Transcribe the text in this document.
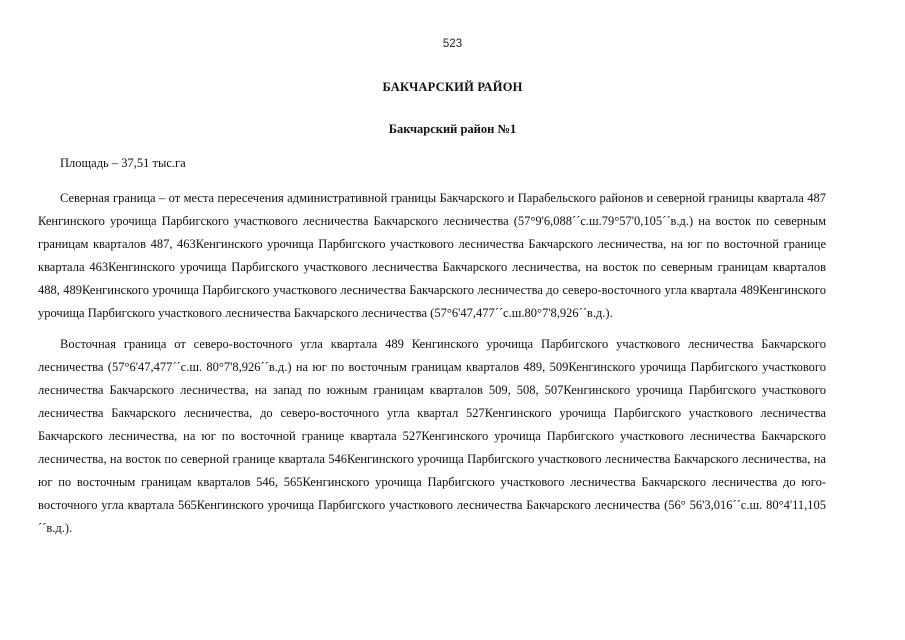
523
БАКЧАРСКИЙ РАЙОН
Бакчарский район №1
Площадь – 37,51 тыс.га
Северная граница – от места пересечения административной границы Бакчарского и Парабельского районов и северной границы квартала 487 Кенгинского урочища Парбигского участкового лесничества Бакчарского лесничества (57°9'6,088´´с.ш.79°57'0,105´´в.д.) на восток по северным границам кварталов 487, 463Кенгинского урочища Парбигского участкового лесничества Бакчарского лесничества, на юг по восточной границе квартала 463Кенгинского урочища Парбигского участкового лесничества Бакчарского лесничества, на восток по северным границам кварталов 488, 489Кенгинского урочища Парбигского участкового лесничества Бакчарского лесничества до северо-восточного угла квартала 489Кенгинского урочища Парбигского участкового лесничества Бакчарского лесничества (57°6'47,477´´с.ш.80°7'8,926´´в.д.).
Восточная граница от северо-восточного угла квартала 489 Кенгинского урочища Парбигского участкового лесничества Бакчарского лесничества (57°6'47,477´´с.ш. 80°7'8,926´´в.д.) на юг по восточным границам кварталов 489, 509Кенгинского урочища Парбигского участкового лесничества Бакчарского лесничества, на запад по южным границам кварталов 509, 508, 507Кенгинского урочища Парбигского участкового лесничества Бакчарского лесничества, до северо-восточного угла квартал 527Кенгинского урочища Парбигского участкового лесничества Бакчарского лесничества, на юг по восточной границе квартала 527Кенгинского урочища Парбигского участкового лесничества Бакчарского лесничества, на восток по северной границе квартала 546Кенгинского урочища Парбигского участкового лесничества Бакчарского лесничества, на юг по восточным границам кварталов 546, 565Кенгинского урочища Парбигского участкового лесничества Бакчарского лесничества до юго-восточного угла квартала 565Кенгинского урочища Парбигского участкового лесничества Бакчарского лесничества (56° 56'3,016´´с.ш. 80°4'11,105´´в.д.).
